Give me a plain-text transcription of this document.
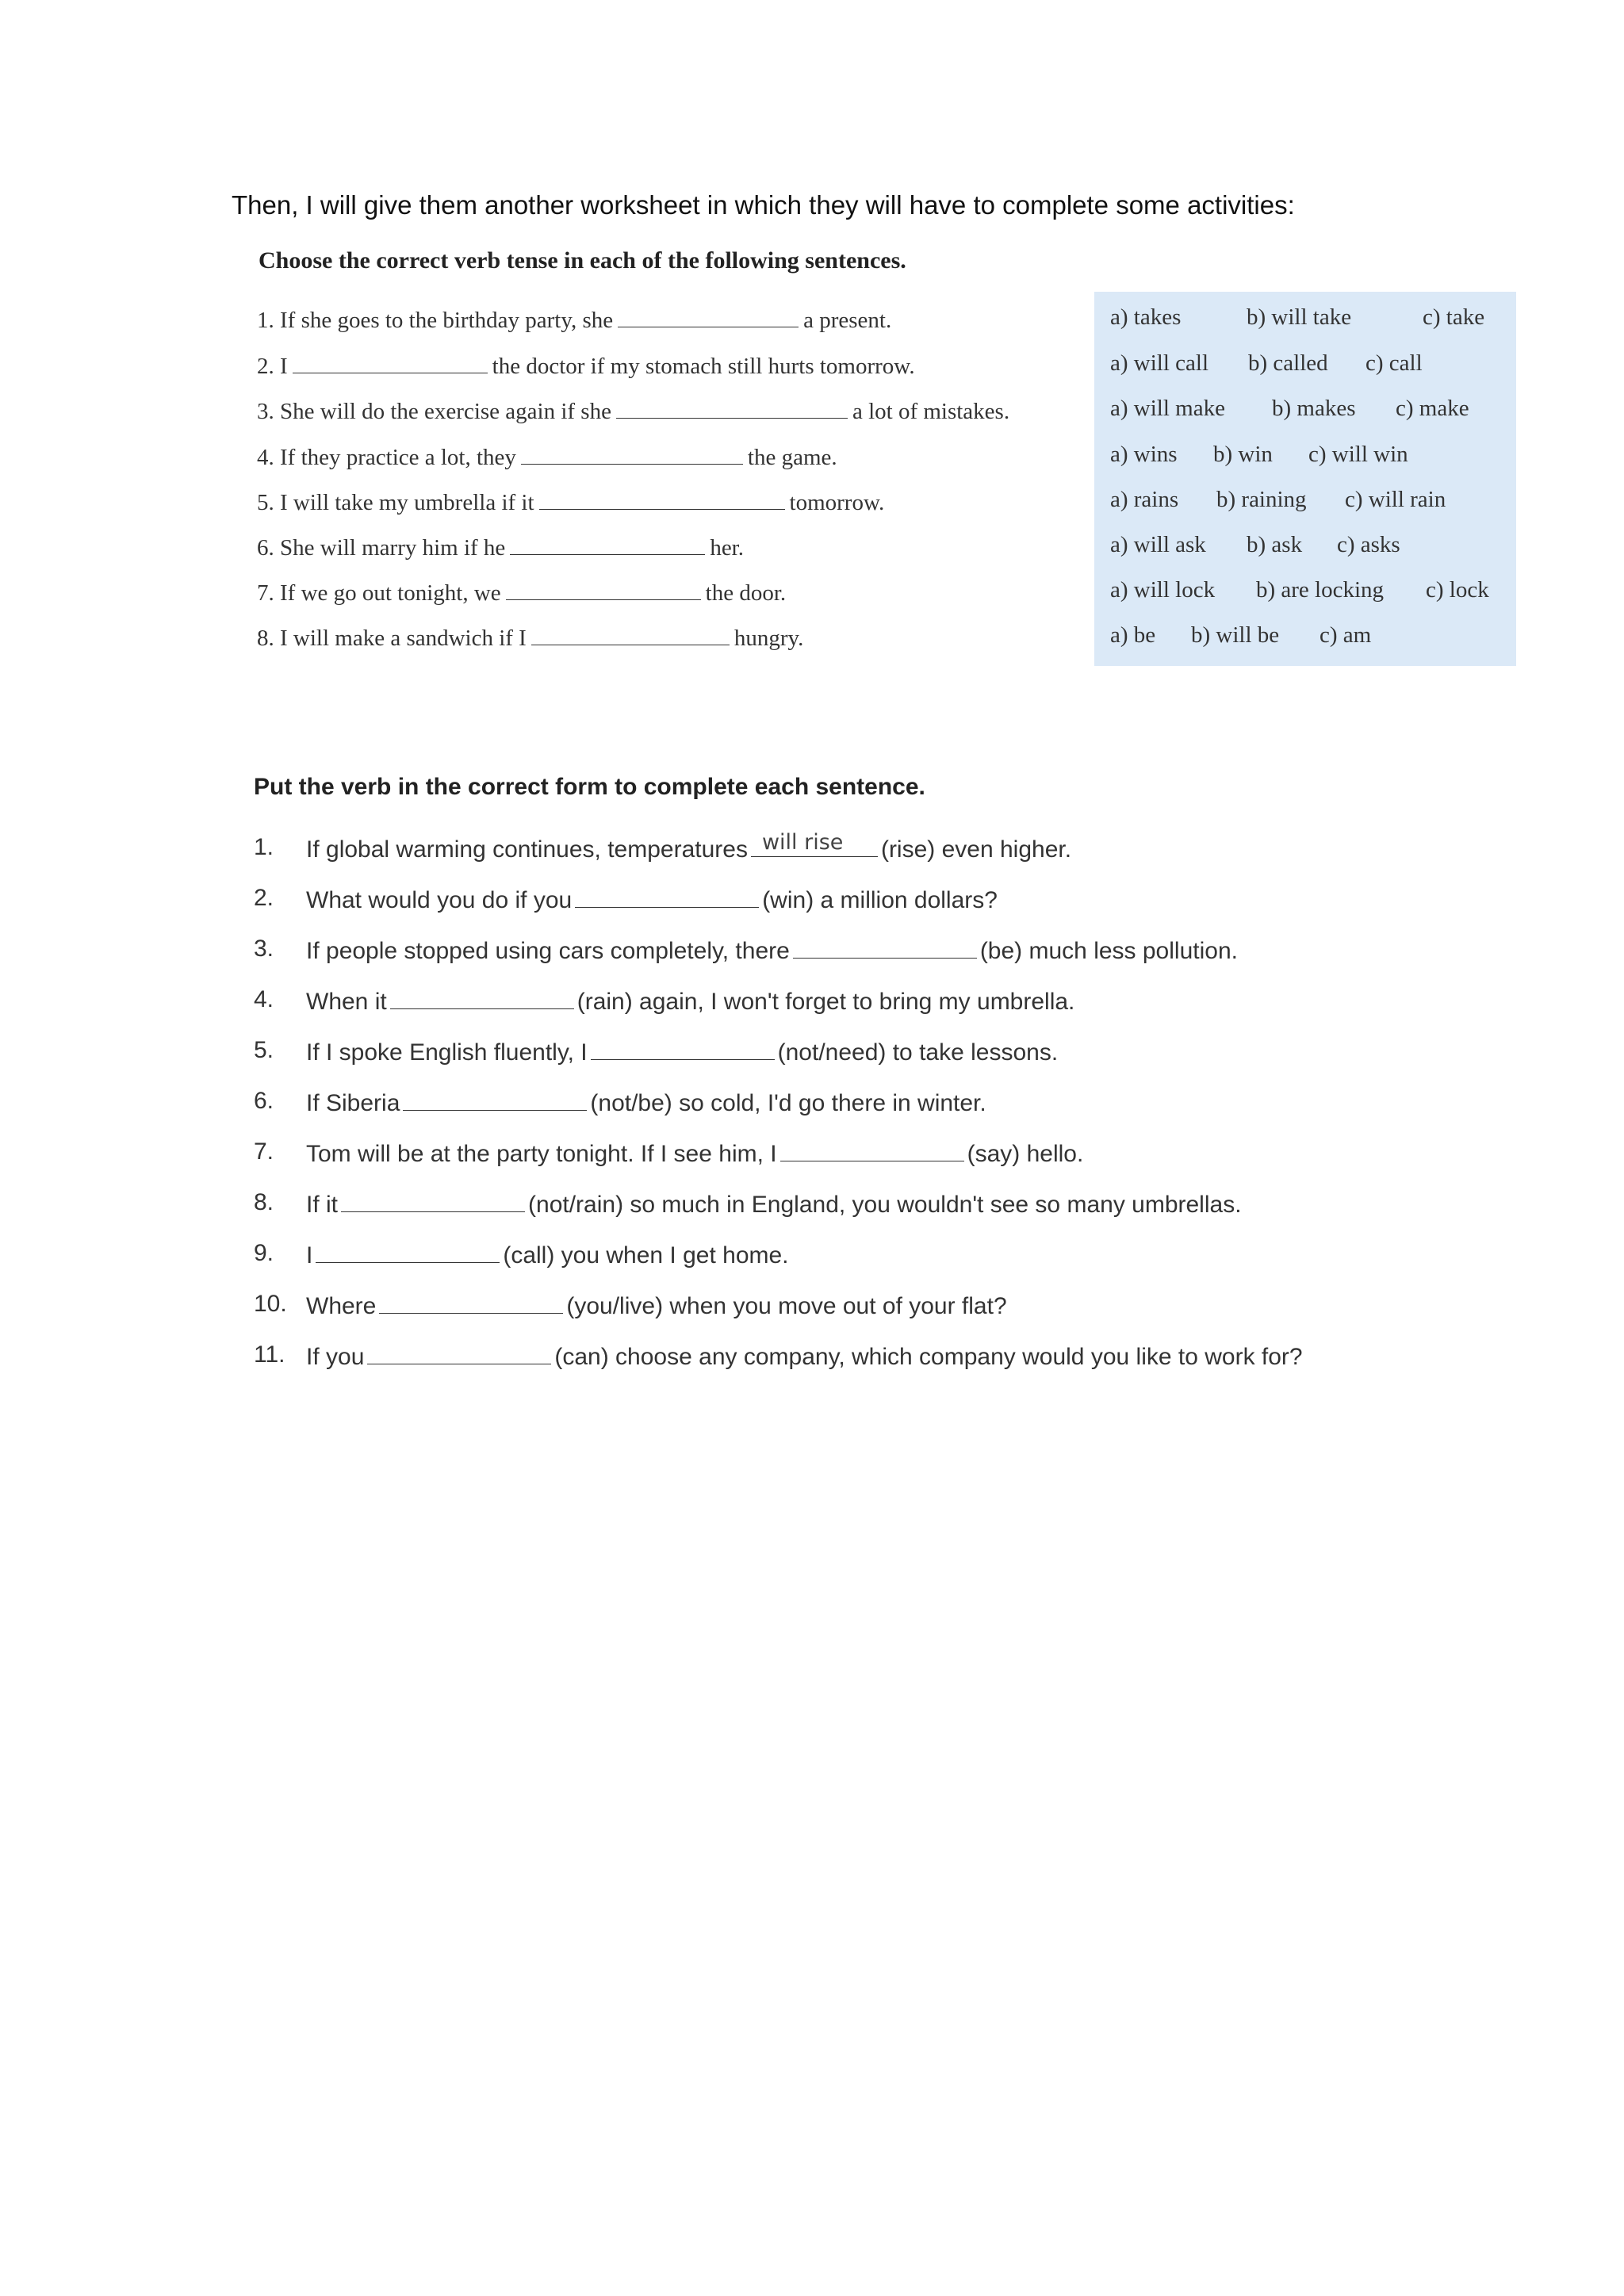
Then, I will give them another worksheet in which they will have to complete some activities:
Choose the correct verb tense in each of the following sentences.
1. If she goes to the birthday party, she	a present.	a) takes	b) will take	c) take
2. I	the doctor if my stomach still hurts tomorrow.	a) will call b) called c) call
3. She will do the exercise again if she	a lot of mistakes.	a) will make b) makes c) make
4. If they practice a lot, they	the game.	a) wins b) win c) will win
5. I will take my umbrella if it	tomorrow.	a) rains b) raining c) will rain
6. She will marry him if he	her.	a) will ask b) ask c) asks
7. If we go out tonight, we	the door.	a) will lock b) are locking c) lock
8. I will make a sandwich if I	hungry.	a) be b) will be c) am
Put the verb in the correct form to complete each sentence.
1. If global warming continues, temperatures will rise (rise) even higher.
2. What would you do if you	(win) a million dollars?
3. If people stopped using cars completely, there	(be) much less pollution.
4. When it	(rain) again, I won't forget to bring my umbrella.
5. If I spoke English fluently, I	(not/need) to take lessons.
6. If Siberia	(not/be) so cold, I'd go there in winter.
7. Tom will be at the party tonight. If I see him, I	(say) hello.
8. If it	(not/rain) so much in England, you wouldn't see so many umbrellas.
9. I	(call) you when I get home.
10. Where	(you/live) when you move out of your flat?
11. If you	(can) choose any company, which company would you like to work for?
